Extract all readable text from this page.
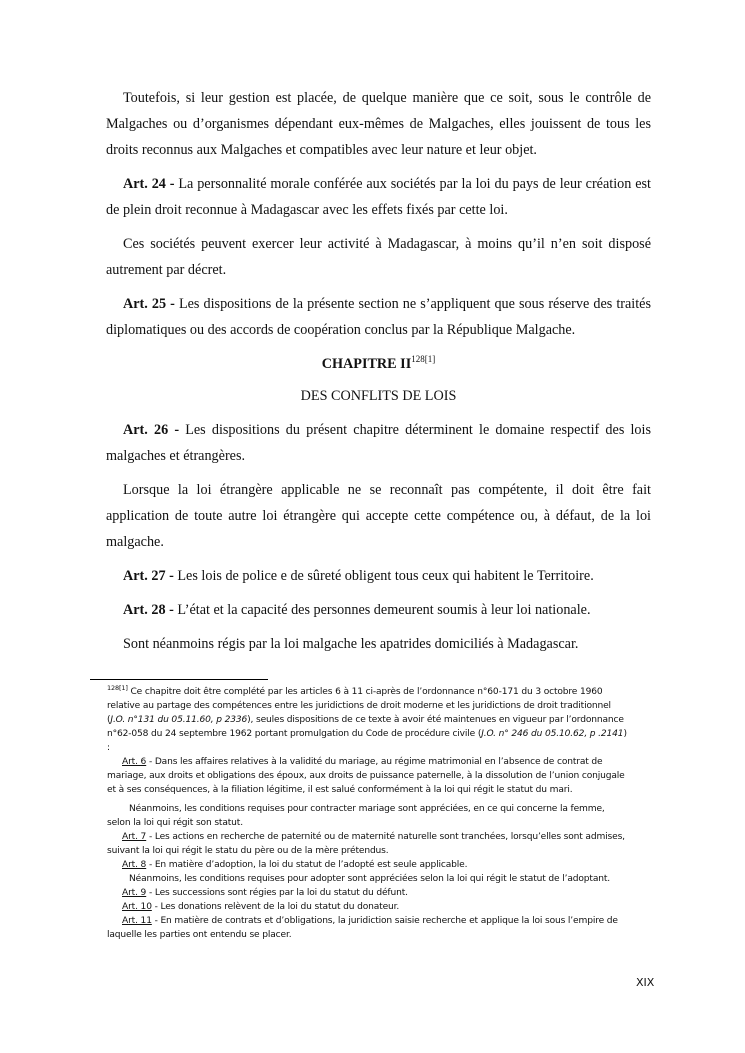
Toutefois, si leur gestion est placée, de quelque manière que ce soit, sous le contrôle de Malgaches ou d’organismes dépendant eux-mêmes de Malgaches, elles jouissent de tous les droits reconnus aux Malgaches et compatibles avec leur nature et leur objet.

Art. 24 - La personnalité morale conférée aux sociétés par la loi du pays de leur création est de plein droit reconnue à Madagascar avec les effets fixés par cette loi.

Ces sociétés peuvent exercer leur activité à Madagascar, à moins qu’il n’en soit disposé autrement par décret.

Art. 25 - Les dispositions de la présente section ne s’appliquent que sous réserve des traités diplomatiques ou des accords de coopération conclus par la République Malgache.

CHAPITRE II$^{128[1]}$

DES CONFLITS DE LOIS

Art. 26 - Les dispositions du présent chapitre déterminent le domaine respectif des lois malgaches et étrangères.

Lorsque la loi étrangère applicable ne se reconnaît pas compétente, il doit être fait application de toute autre loi étrangère qui accepte cette compétence ou, à défaut, de la loi malgache.

Art. 27 - Les lois de police e de sûreté obligent tous ceux qui habitent le Territoire.

Art. 28 - L’état et la capacité des personnes demeurent soumis à leur loi nationale.

Sont néanmoins régis par la loi malgache les apatrides domiciliés à Madagascar.

$^{128[1]}$ Ce chapitre doit être complété par les articles 6 à 11 ci-après de l’ordonnance n°60-171 du 3 octobre 1960 relative au partage des compétences entre les juridictions de droit moderne et les juridictions de droit traditionnel (J.O. n°131 du 05.11.60, p 2336), seules dispositions de ce texte à avoir été maintenues en vigueur par l’ordonnance n°62-058 du 24 septembre 1962 portant promulgation du Code de procédure civile (J.O. n° 246 du 05.10.62, p .2141) :

Art. 6 - Dans les affaires relatives à la validité du mariage, au régime matrimonial en l’absence de contrat de mariage, aux droits et obligations des époux, aux droits de puissance paternelle, à la dissolution de l’union conjugale et à ses conséquences, à la filiation légitime, il est salué conformément à la loi qui régit le statut du mari.

Néanmoins, les conditions requises pour contracter mariage sont appréciées, en ce qui concerne la femme, selon la loi qui régit son statut.

Art. 7 - Les actions en recherche de paternité ou de maternité naturelle sont tranchées, lorsqu’elles sont admises, suivant la loi qui régit le statu du père ou de la mère prétendus.

Art. 8 - En matière d’adoption, la loi du statut de l’adopté est seule applicable.

Néanmoins, les conditions requises pour adopter sont appréciées selon la loi qui régit le statut de l’adoptant.

Art. 9 - Les successions sont régies par la loi du statut du défunt.

Art. 10 - Les donations relèvent de la loi du statut du donateur.

Art. 11 - En matière de contrats et d’obligations, la juridiction saisie recherche et applique la loi sous l’empire de laquelle les parties ont entendu se placer.

XIX
